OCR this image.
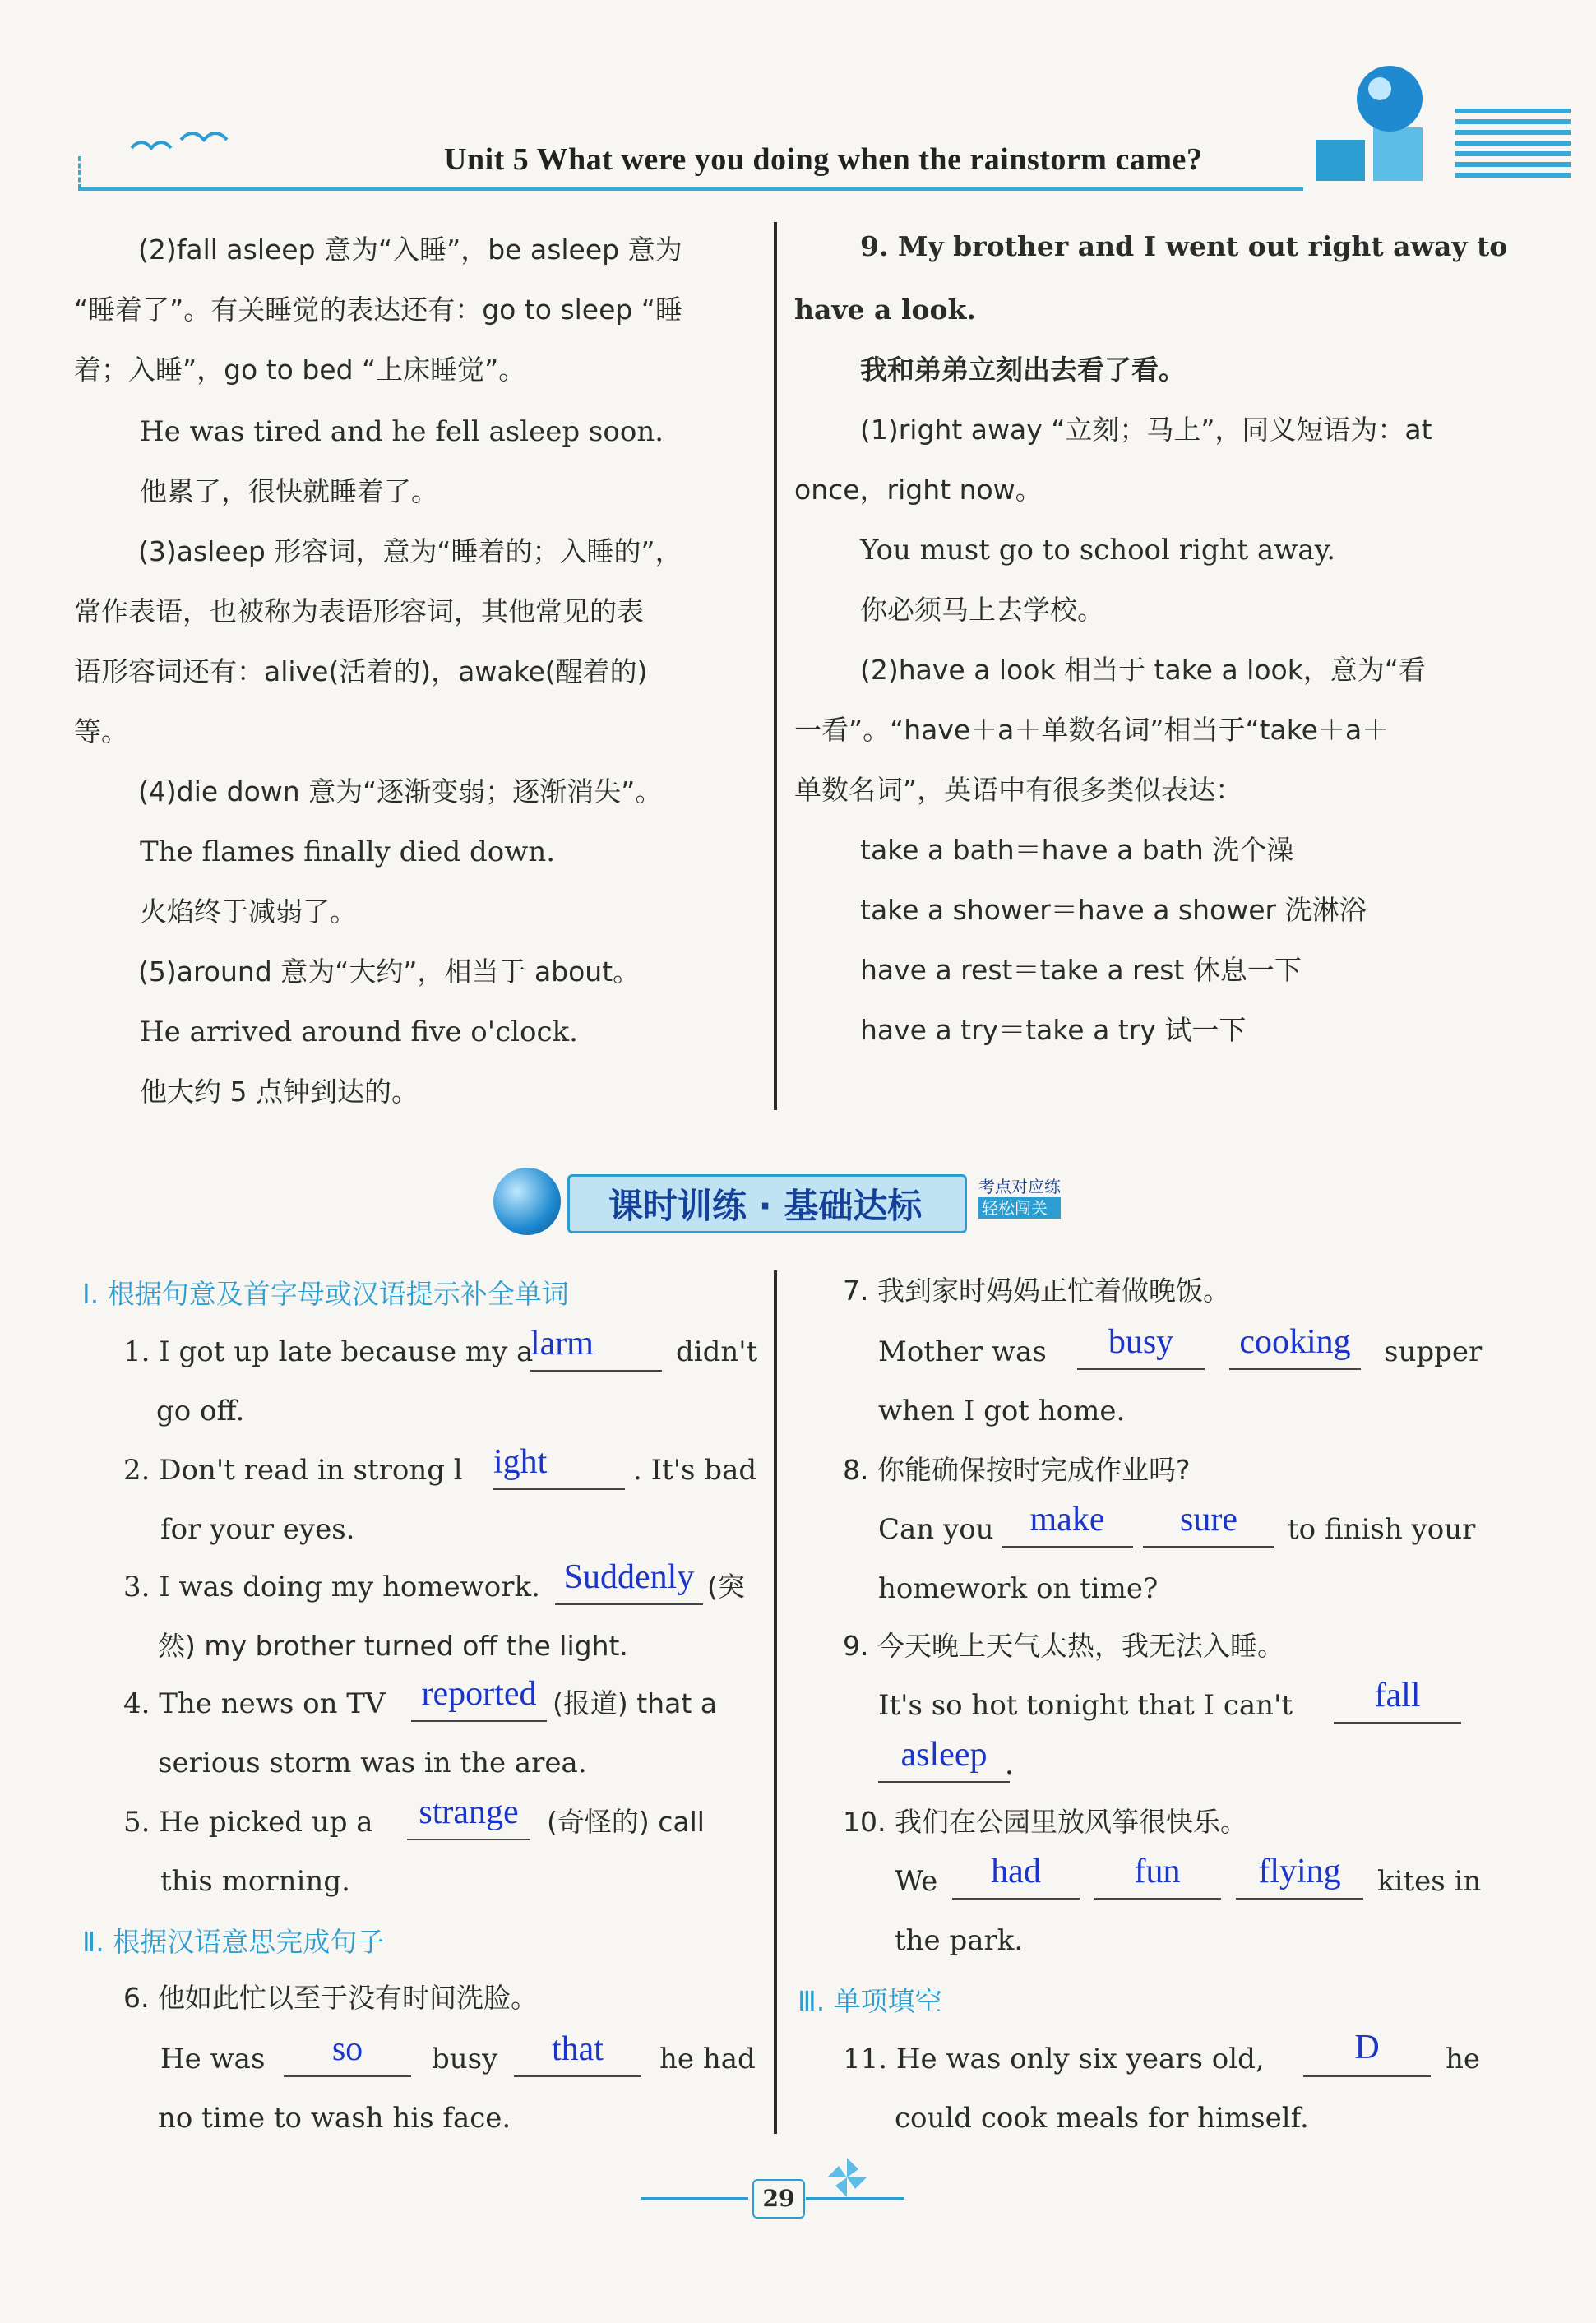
Unit 5 What were you doing when the rainstorm came?
(2)fall asleep 意为“入睡”，be asleep 意为
“睡着了”。有关睡觉的表达还有：go to sleep “睡
着；入睡”，go to bed “上床睡觉”。
He was tired and he fell asleep soon.
他累了，很快就睡着了。
(3)asleep 形容词，意为“睡着的；入睡的”，
常作表语，也被称为表语形容词，其他常见的表
语形容词还有：alive(活着的)，awake(醒着的)
等。
(4)die down 意为“逐渐变弱；逐渐消失”。
The flames finally died down.
火焰终于减弱了。
(5)around 意为“大约”，相当于 about。
He arrived around five o'clock.
他大约 5 点钟到达的。
9. My brother and I went out right away to
have a look.
我和弟弟立刻出去看了看。
(1)right away “立刻；马上”，同义短语为：at
once，right now。
You must go to school right away.
你必须马上去学校。
(2)have a look 相当于 take a look，意为“看
一看”。“have＋a＋单数名词”相当于“take＋a＋
单数名词”，英语中有很多类似表达：
take a bath＝have a bath 洗个澡
take a shower＝have a shower 洗淋浴
have a rest＝take a rest 休息一下
have a try＝take a try 试一下
课时训练 · 基础达标	考点对应练
轻松闯关
Ⅰ. 根据句意及首字母或汉语提示补全单词
1. I got up late because my a
larm	didn't
go off.
2. Don't read in strong l ight	. It's bad
for your eyes.
3. I was doing my homework. Suddenly (突
然) my brother turned off the light.
4. The news on TV reported (报道) that a
serious storm was in the area.
5. He picked up a	strange	(奇怪的) call
this morning.
Ⅱ. 根据汉语意思完成句子
6. 他如此忙以至于没有时间洗脸。
He was	so	busy	that	he had
no time to wash his face.
7. 我到家时妈妈正忙着做晚饭。
Mother was	busy	cooking	supper
when I got home.
8. 你能确保按时完成作业吗?
Can you	make	sure	to finish your
homework on time?
9. 今天晚上天气太热，我无法入睡。
It's so hot tonight that I can't	fall
asleep .
10. 我们在公园里放风筝很快乐。
We	had	fun	flying	kites in
the park.
Ⅲ. 单项填空
11. He was only six years old,	D	he
could cook meals for himself.
29
